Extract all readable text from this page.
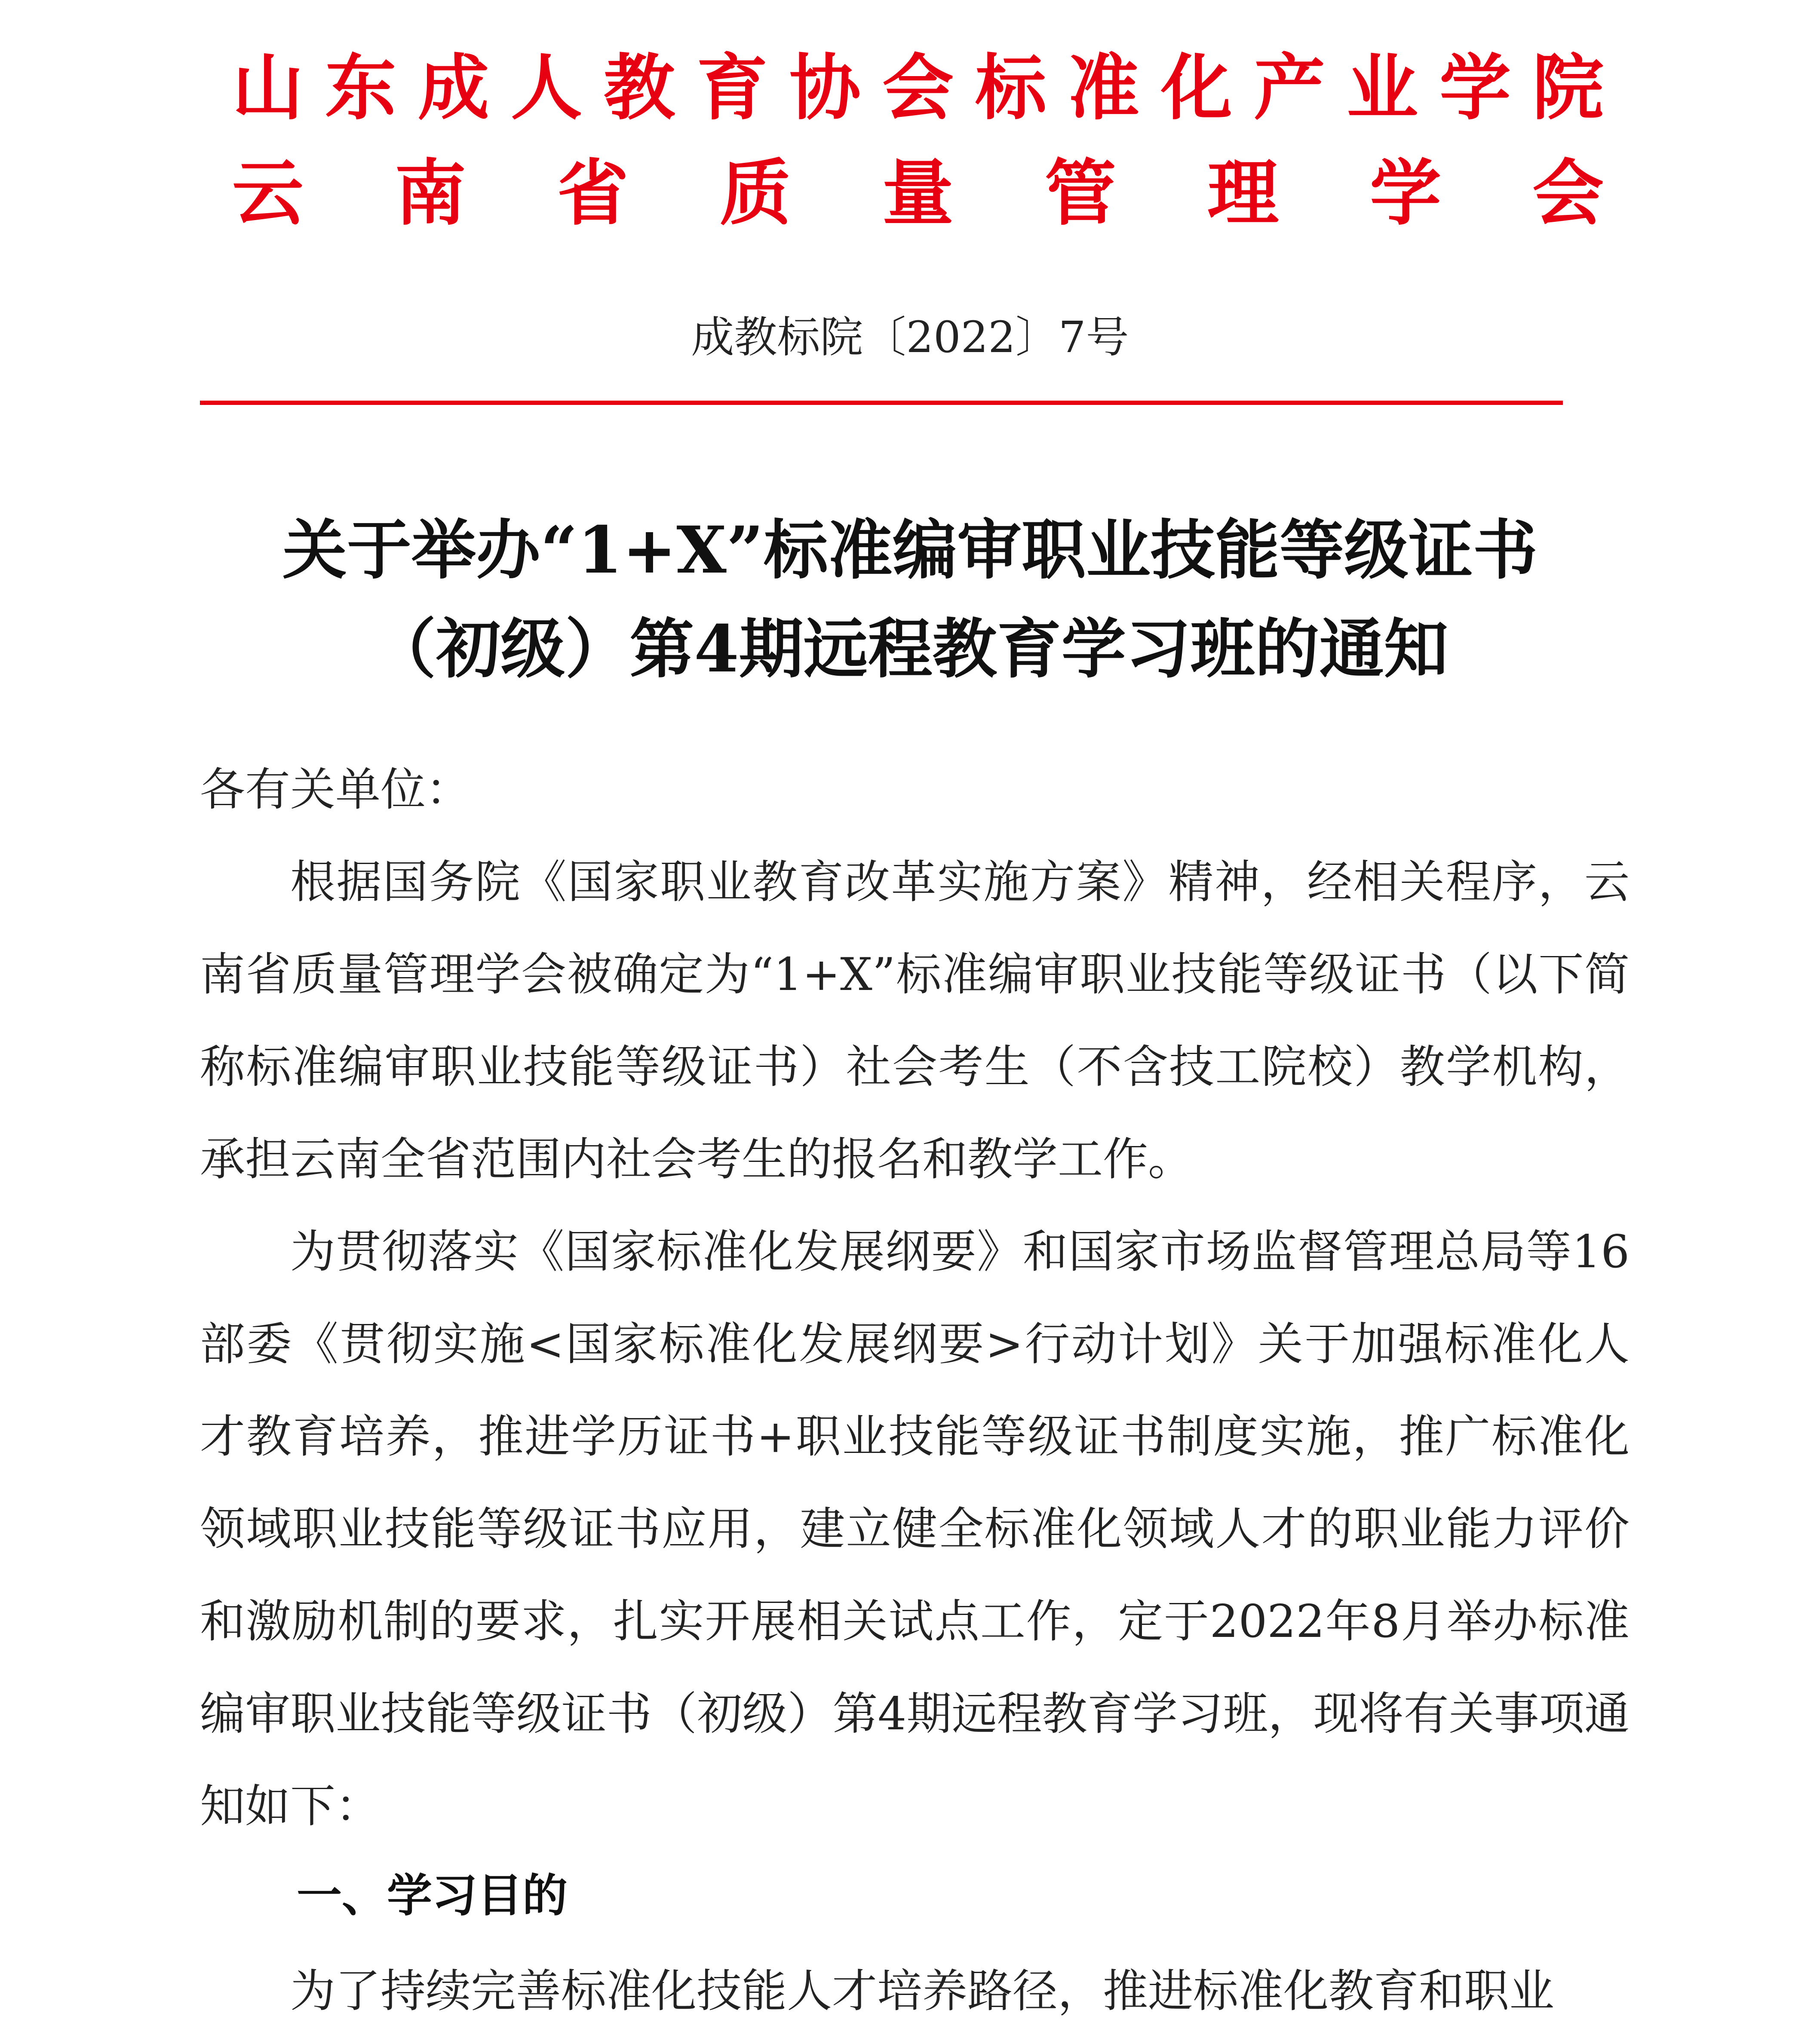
山东成人教育协会标准化产业学院

云南省质量管理学会

成教标院〔2022〕7号

关于举办“1+X”标准编审职业技能等级证书

（初级）第4期远程教育学习班的通知

各有关单位：

根据国务院《国家职业教育改革实施方案》精神，经相关程序，云南省质量管理学会被确定为“1+X”标准编审职业技能等级证书（以下简称标准编审职业技能等级证书）社会考生（不含技工院校）教学机构，承担云南全省范围内社会考生的报名和教学工作。

为贯彻落实《国家标准化发展纲要》和国家市场监督管理总局等16部委《贯彻实施<国家标准化发展纲要>行动计划》关于加强标准化人才教育培养，推进学历证书+职业技能等级证书制度实施，推广标准化领域职业技能等级证书应用，建立健全标准化领域人才的职业能力评价和激励机制的要求，扎实开展相关试点工作，定于2022年8月举办标准编审职业技能等级证书（初级）第4期远程教育学习班，现将有关事项通知如下：

一、学习目的

为了持续完善标准化技能人才培养路径，推进标准化教育和职业
